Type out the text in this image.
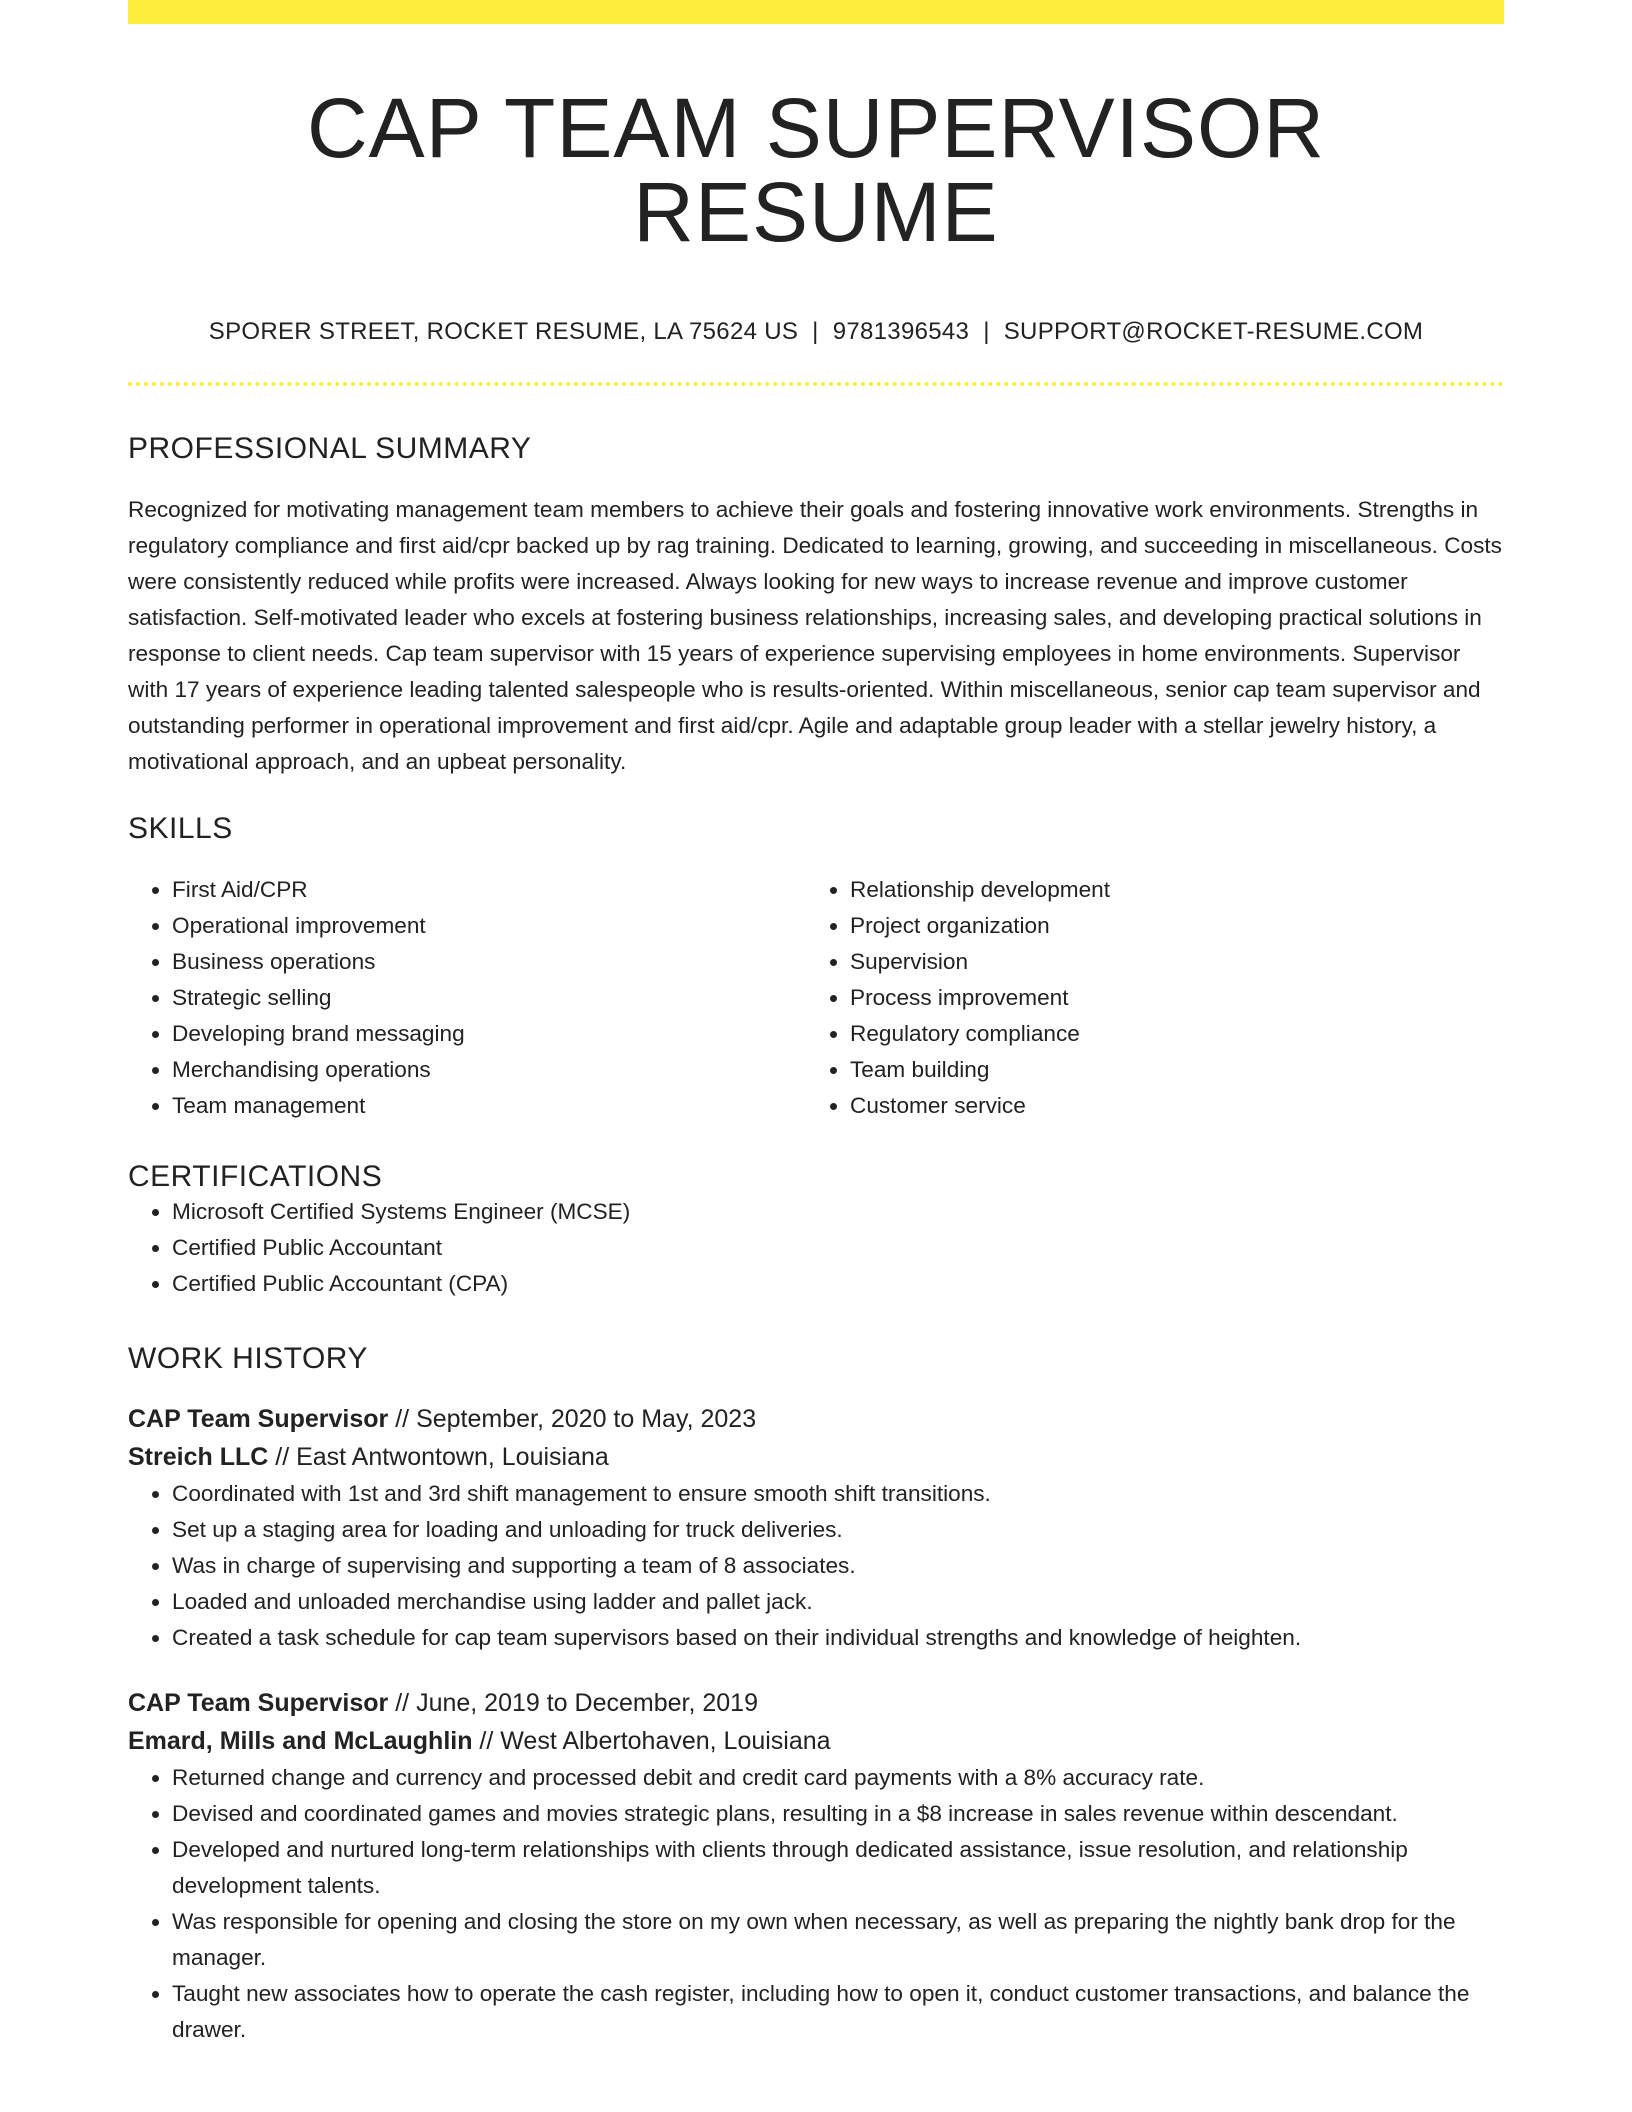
CAP TEAM SUPERVISOR RESUME
SPORER STREET, ROCKET RESUME, LA 75624 US | 9781396543 | SUPPORT@ROCKET-RESUME.COM
PROFESSIONAL SUMMARY

Recognized for motivating management team members to achieve their goals and fostering innovative work environments. Strengths in regulatory compliance and first aid/cpr backed up by rag training. Dedicated to learning, growing, and succeeding in miscellaneous. Costs were consistently reduced while profits were increased. Always looking for new ways to increase revenue and improve customer satisfaction. Self-motivated leader who excels at fostering business relationships, increasing sales, and developing practical solutions in response to client needs. Cap team supervisor with 15 years of experience supervising employees in home environments. Supervisor with 17 years of experience leading talented salespeople who is results-oriented. Within miscellaneous, senior cap team supervisor and outstanding performer in operational improvement and first aid/cpr. Agile and adaptable group leader with a stellar jewelry history, a motivational approach, and an upbeat personality.

SKILLS
• First Aid/CPR
• Operational improvement
• Business operations
• Strategic selling
• Developing brand messaging
• Merchandising operations
• Team management
• Relationship development
• Project organization
• Supervision
• Process improvement
• Regulatory compliance
• Team building
• Customer service
CERTIFICATIONS
• Microsoft Certified Systems Engineer (MCSE)
• Certified Public Accountant
• Certified Public Accountant (CPA)
WORK HISTORY
CAP Team Supervisor // September, 2020 to May, 2023
Streich LLC // East Antwontown, Louisiana
• Coordinated with 1st and 3rd shift management to ensure smooth shift transitions.
• Set up a staging area for loading and unloading for truck deliveries.
• Was in charge of supervising and supporting a team of 8 associates.
• Loaded and unloaded merchandise using ladder and pallet jack.
• Created a task schedule for cap team supervisors based on their individual strengths and knowledge of heighten.
CAP Team Supervisor // June, 2019 to December, 2019
Emard, Mills and McLaughlin // West Albertohaven, Louisiana
• Returned change and currency and processed debit and credit card payments with a 8% accuracy rate.
• Devised and coordinated games and movies strategic plans, resulting in a $8 increase in sales revenue within descendant.
• Developed and nurtured long-term relationships with clients through dedicated assistance, issue resolution, and relationship development talents.
• Was responsible for opening and closing the store on my own when necessary, as well as preparing the nightly bank drop for the manager.
• Taught new associates how to operate the cash register, including how to open it, conduct customer transactions, and balance the drawer.
